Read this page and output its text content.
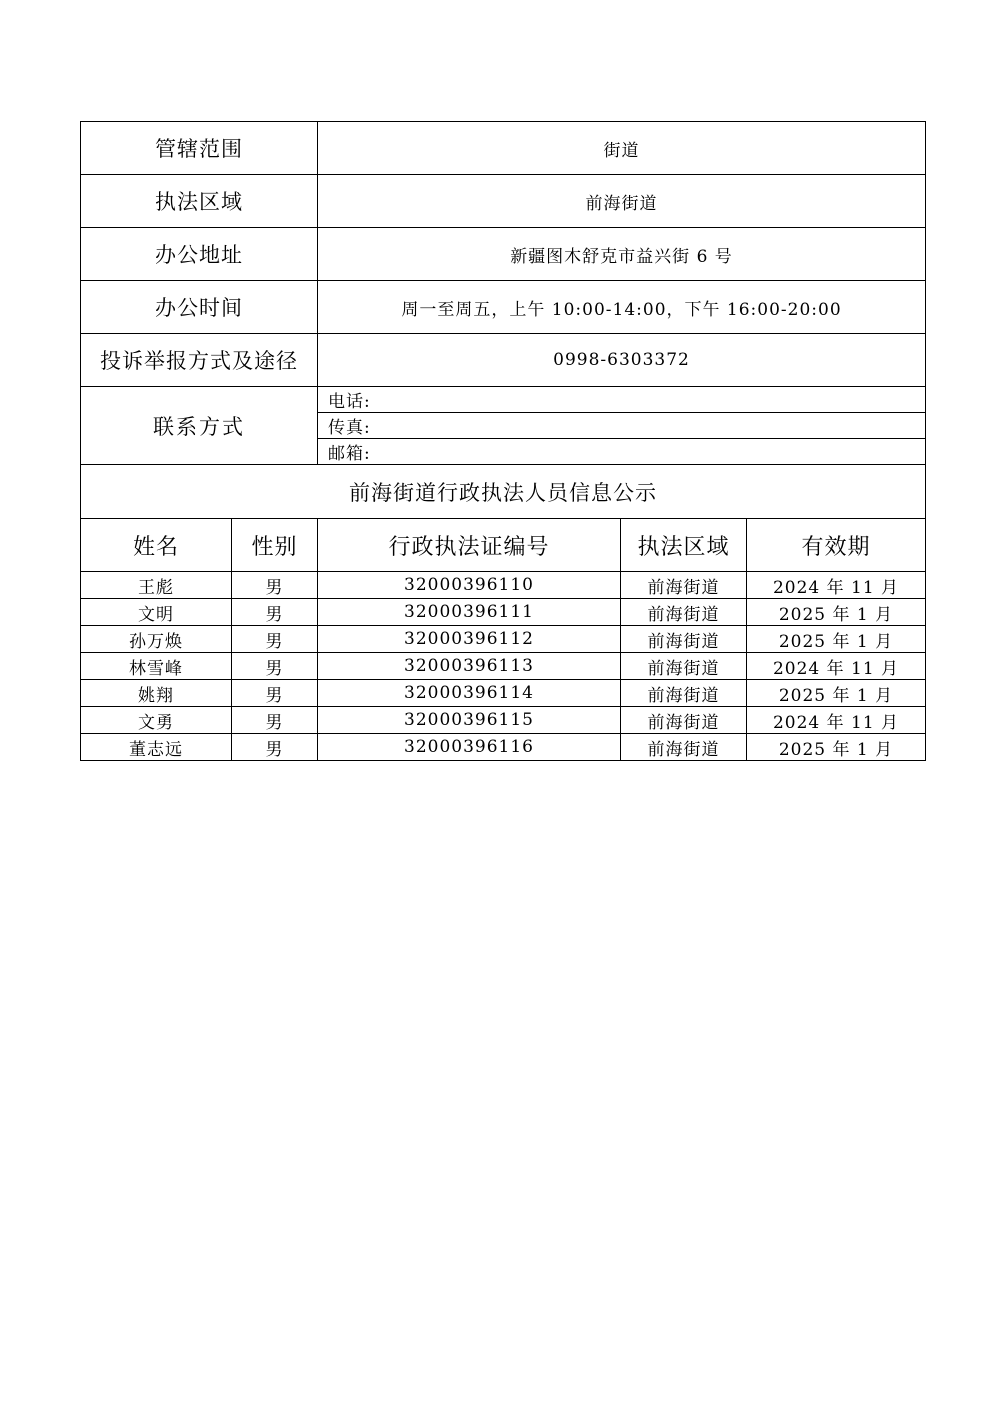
管辖范围		街道		
执法区域		前海街道		
办公地址		新疆图木舒克市益兴街 6 号		
办公时间		周一至周五，上午 10:00-14:00，下午 16:00-20:00		
投诉举报方式及途径		0998-6303372		
联系方式		电话:		
		传真:		
		邮箱:		
前海街道行政执法人员信息公示				
姓名	性别	行政执法证编号	执法区域	有效期
王彪	男	32000396110	前海街道	2024 年 11 月
文明	男	32000396111	前海街道	2025 年 1 月
孙万焕	男	32000396112	前海街道	2025 年 1 月
林雪峰	男	32000396113	前海街道	2024 年 11 月
姚翔	男	32000396114	前海街道	2025 年 1 月
文勇	男	32000396115	前海街道	2024 年 11 月
董志远	男	32000396116	前海街道	2025 年 1 月
